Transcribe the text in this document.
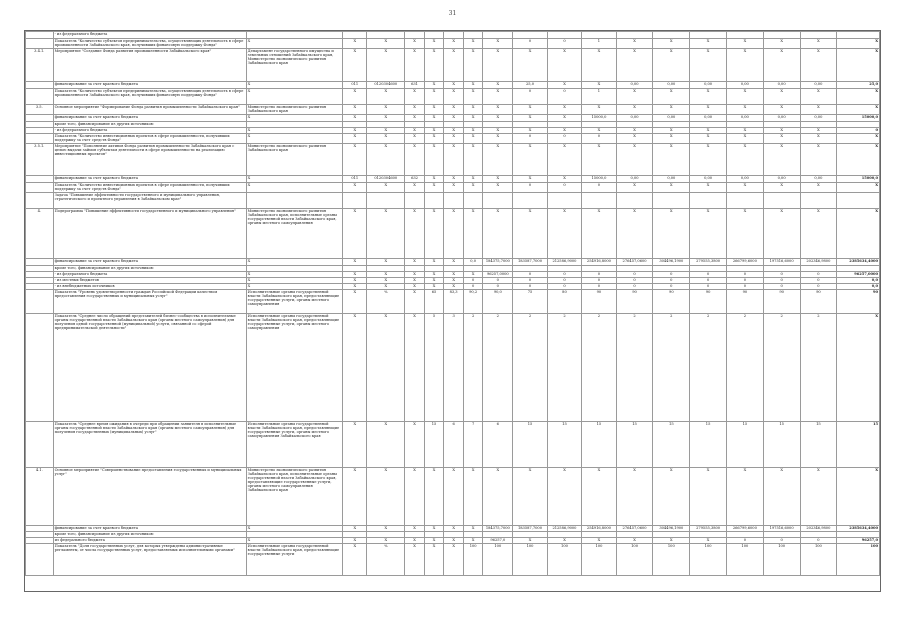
31
	- из федерального бюджета																		
	Показатель "Количество субъектов предпринимательства, осуществляющих деятельность в сфере промышленности Забайкальского края, получивших финансовую поддержку Фонда"	X	X	X	X	X	X	X	X	0	0	1	X	X	X	X	X	X	X
3.4.1.	Мероприятие "Создание Фонда развития промышленности Забайкальского края"	Департамент государственного имущества и земельных отношений Забайкальского края, Министерство экономического развития Забайкальского края	X	X	X	X	X	X	X	X	X	X	X	X	X	X	X	X	X
	финансирование за счет краевого бюджета	X	011	0120304600	631	X	X	X	X	25,0	X	X	0,00	0,00	0,00	0,00	0,00	0,00	25,0
	Показатель "Количество субъектов предпринимательства, осуществляющих деятельность в сфере промышленности Забайкальского края, получивших финансовую поддержку Фонда"	X	X	X	X	X	X	X	X	0	0	1	X	X	X	X	X	X	X
3.5.	Основное мероприятие "Формирование Фонда развития промышленности Забайкальского края"	Министерство экономического развития Забайкальского края	X	X	X	X	X	X	X	X	X	X	X	X	X	X	X	X	X
	финансирование за счет краевого бюджета	X	X	X	X	X	X	X	X	X	X	15000,0	0,00	0,00	0,00	0,00	0,00	0,00	15000,0
	кроме того, финансирование из других источников:																		
	- из федерального бюджета	X	X	X	X	X	X	X	X	X	X	X	X	X	X	X	X	X	0
	Показатель "Количество инвестиционных проектов в сфере промышленности, получивших поддержку за счет средств Фонда"	X	X	X	X	X	X	X	X	0	0	0	X	X	X	X	X	X	X
3.5.1.	Мероприятие "Пополнение активов Фонда развития промышленности Забайкальского края с целью выдачи займов субъектам деятельности в сфере промышленности на реализацию инвестиционных проектов"	Министерство экономического развития Забайкальского края	X	X	X	X	X	X	X	X	X	X	X	X	X	X	X	X	X
	финансирование за счет краевого бюджета	X	011	0120304600	632	X	X	X	X	X	X	15000,0	0,00	0,00	0,00	0,00	0,00	0,00	15000,0
	Показатель "Количество инвестиционных проектов в сфере промышленности, получивших поддержку за счет средств Фонда"	X	X	X	X	X	X	X	X	0	0	0	X	X	X	X	X	X	X
	Задача "Повышение эффективности государственного и муниципального управления, стратегического и проектного управления в Забайкальском крае"																		
4.	Подпрограмма "Повышение эффективности государственного и муниципального управления"	Министерство экономического развития Забайкальского края, исполнительные органы государственной власти Забайкальского края, органы местного самоуправления	X	X	X	X	X	X	X	X	X	X	X	X	X	X	X	X	X
	финансирование за счет краевого бюджета	X	X	X	X	X	X	0,0	184375,7000	183587,7000	212586,9000	254916,8000	276457,0600	304496,1900	279555,3800	266799,6000	197516,6000	202346,9800	2385634,4000
	кроме того, финансирование из других источников:																		
	- из федерального бюджета	X	X	X	X	X	X	X	96257,0000	0	0	0	0	0	0	0	0	0	96257,0000
	- из местных бюджетов	X	X	X	X	X	X	0	0	0	0	0	0	0	0	0	0	0	0,0
	- из внебюджетных источников	X	X	X	X	X	X	0	0	0	0	0	0	0	0	0	0	0	0,0
	Показатель "Уровень удовлетворенности граждан Российской Федерации качеством предоставления государственных и муниципальных услуг"	Исполнительные органы государственной власти Забайкальского края, предоставляющие государственные услуги, органы местного самоуправления	X	%	X	65	83,3	90,2	90,0	75	80	90	90	90	90	90	90	90	90
	Показатель "Среднее число обращений представителей бизнес-сообщества в исполнительные органы государственной власти Забайкальского края (органы местного самоуправления) для получения одной государственной (муниципальной) услуги, связанной со сферой предпринимательской деятельности"	Исполнительные органы государственной власти Забайкальского края, предоставляющие государственные услуги, органы местного самоуправления	X	X	X	5	3	2	2	2	2	2	2	2	2	2	2	2	X
	Показатель "Среднее время ожидания в очереди при обращении заявителя в исполнительные органы государственной власти Забайкальского края (органы местного самоуправления) для получения государственных (муниципальных) услуг"	Исполнительные органы государственной власти Забайкальского края, предоставляющие государственные услуги, органы местного самоуправления Забайкальского края	X	X	X	15	6	7	6	15	15	15	15	15	15	15	15	15	15
4.1.	Основное мероприятие "Совершенствование предоставления государственных и муниципальных услуг"	Министерство экономического развития Забайкальского края, исполнительные органы государственной власти Забайкальского края, предоставляющие государственные услуги, органы местного самоуправления Забайкальского края	X	X	X	X	X	X	X	X	X	X	X	X	X	X	X	X	X
	финансирование за счет краевого бюджета	X	X	X	X	X	X	X	184375,7000	183587,7000	212586,9000	254916,8000	276457,0600	304496,1900	279555,3800	266799,6000	197516,6000	202346,9800	2385634,4000
	кроме того, финансирование из других источников:																		
	из федерального бюджета	X	X	X	X	X	X	X	96257,0	X	X	X	X	X	X	0	0	0	96257,0
	Показатель "Доля государственных услуг, для которых утверждены административные регламенты, от числа государственных услуг, предоставляемых исполнительными органами"	Исполнительные органы государственной власти Забайкальского края, предоставляющие государственные услуги	X	%	X	X	X	100	100	100	100	100	100	100	100	100	100	100	100
